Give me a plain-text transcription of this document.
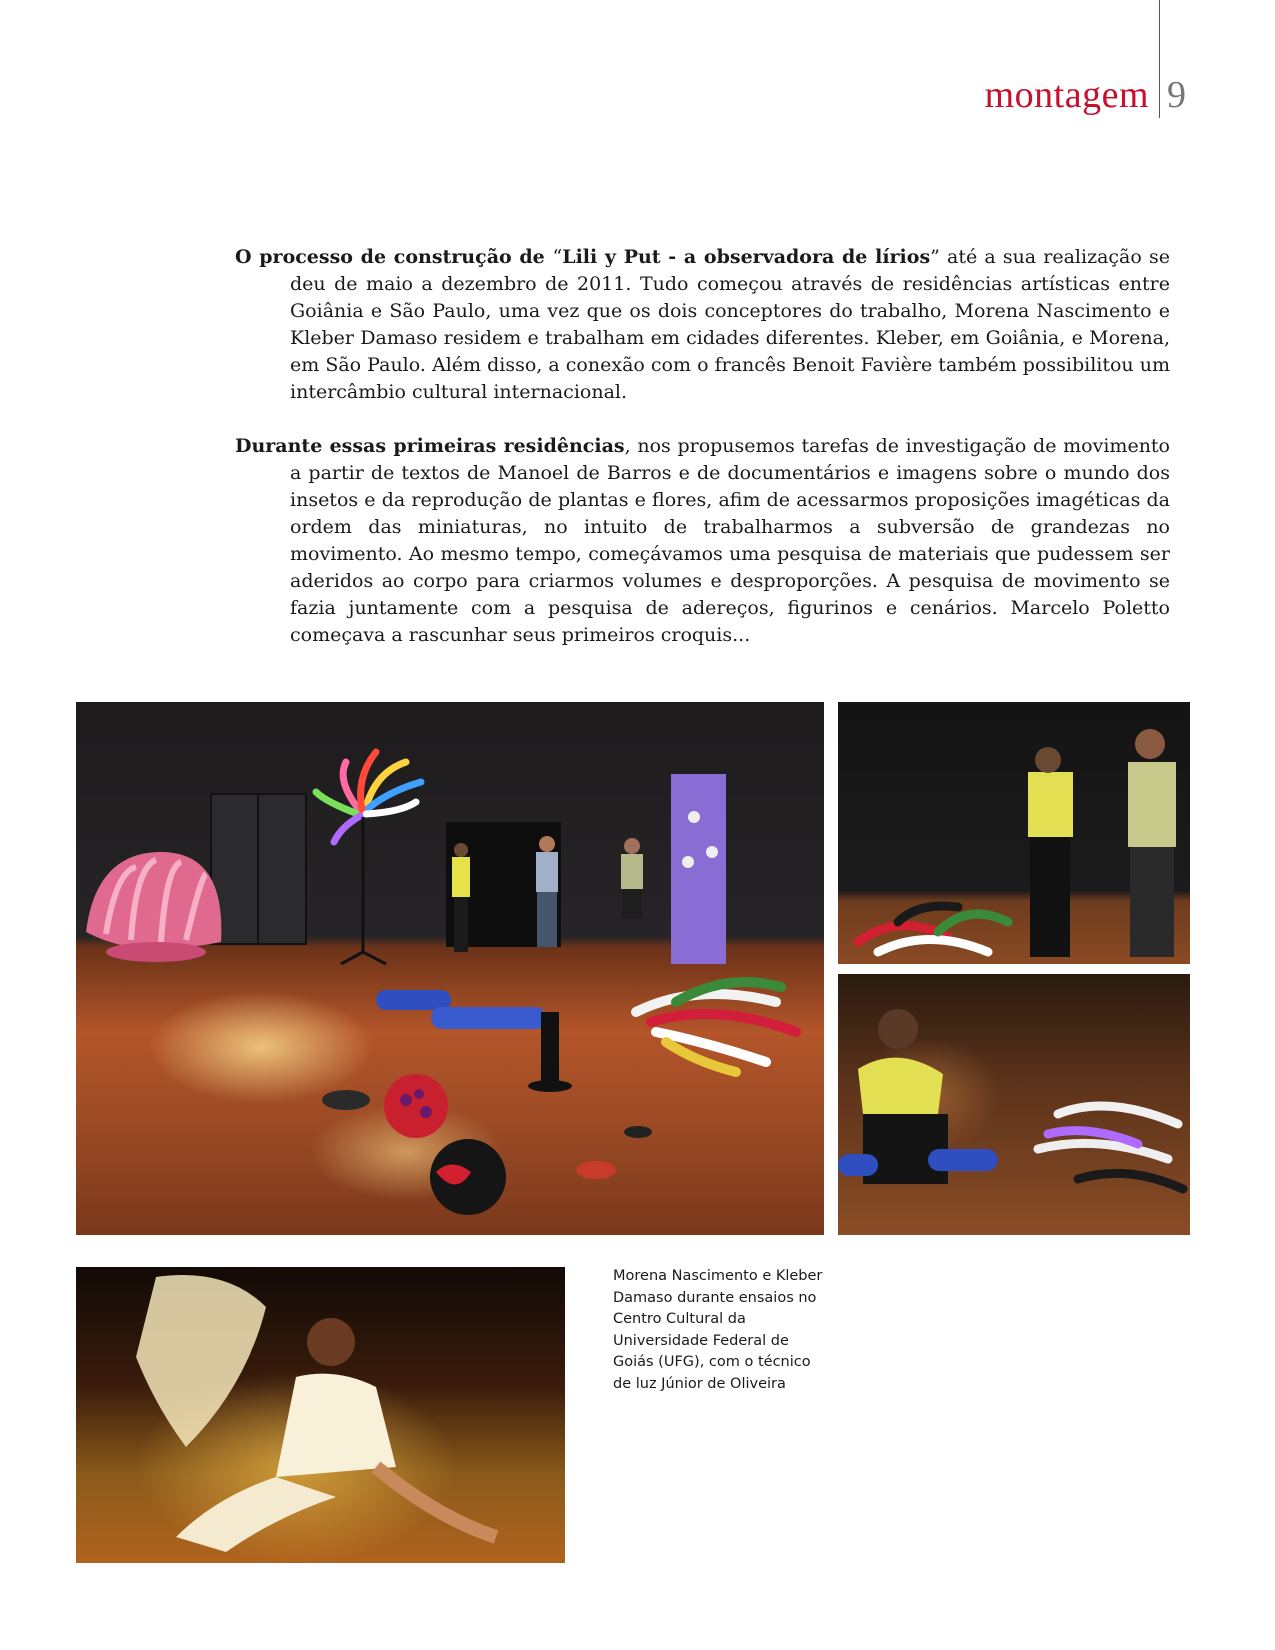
montagem 9

O processo de construção de “Lili y Put - a observadora de lírios” até a sua realização se deu de maio a dezembro de 2011. Tudo começou através de residências artísticas entre Goiânia e São Paulo, uma vez que os dois conceptores do trabalho, Morena Nascimento e Kleber Damaso residem e trabalham em cidades diferentes. Kleber, em Goiânia, e Morena, em São Paulo. Além disso, a conexão com o francês Benoit Favière também possibilitou um intercâmbio cultural internacional.

Durante essas primeiras residências, nos propusemos tarefas de investigação de movimento a partir de textos de Manoel de Barros e de documentários e imagens sobre o mundo dos insetos e da reprodução de plantas e flores, afim de acessarmos proposições imagéticas da ordem das miniaturas, no intuito de trabalharmos a subversão de grandezas no movimento. Ao mesmo tempo, começávamos uma pesquisa de materiais que pudessem ser aderidos ao corpo para criarmos volumes e desproporções. A pesquisa de movimento se fazia juntamente com a pesquisa de adereços, figurinos e cenários. Marcelo Poletto começava a rascunhar seus primeiros croquis...

Morena Nascimento e Kleber Damaso durante ensaios no Centro Cultural da Universidade Federal de Goiás (UFG), com o técnico de luz Júnior de Oliveira
